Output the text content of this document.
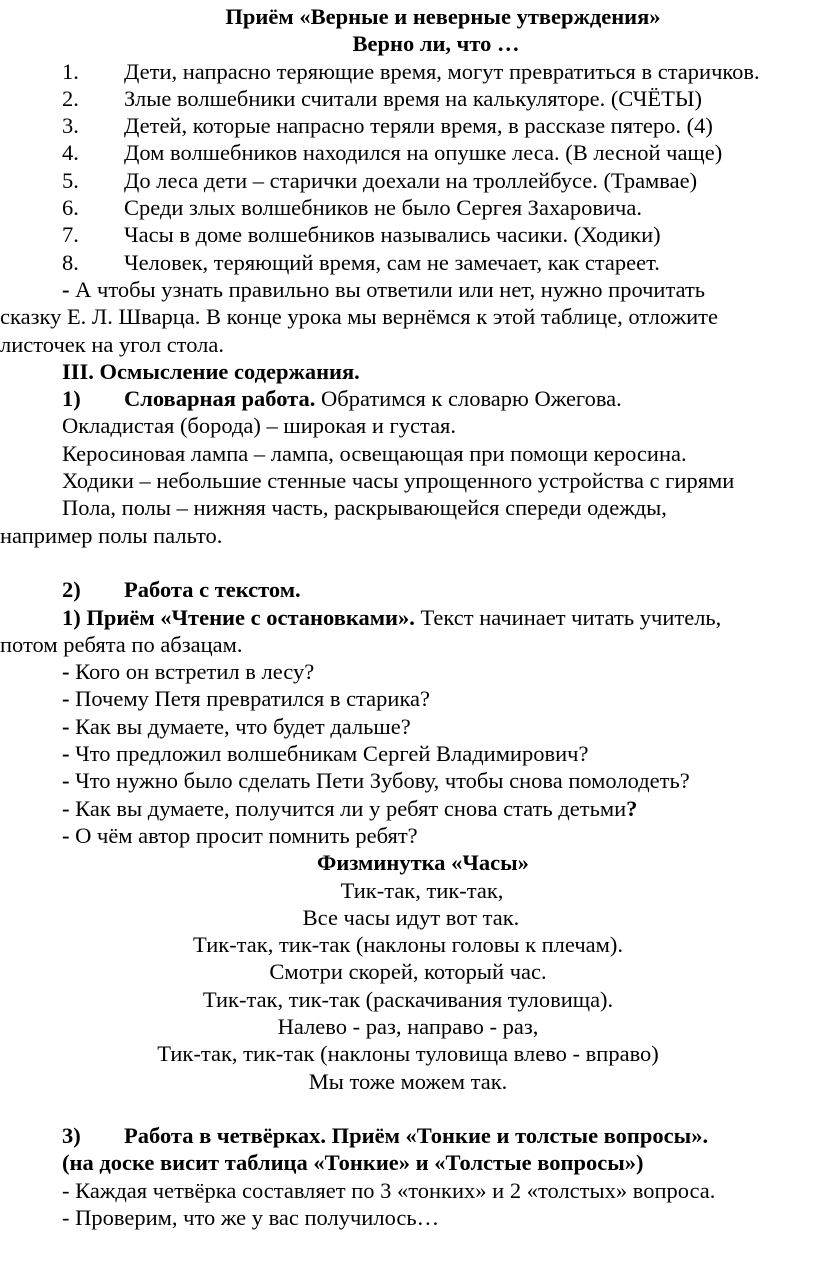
Приём «Верные и неверные утверждения»
Верно ли, что …
1. Дети, напрасно теряющие время, могут превратиться в старичков.
2. Злые волшебники считали время на калькуляторе. (СЧЁТЫ)
3. Детей, которые напрасно теряли время, в рассказе пятеро. (4)
4. Дом волшебников находился на опушке леса. (В лесной чаще)
5. До леса дети – старички доехали на троллейбусе. (Трамвае)
6. Среди злых волшебников не было Сергея Захаровича.
7. Часы в доме волшебников назывались часики. (Ходики)
8. Человек, теряющий время, сам не замечает, как стареет.
- А чтобы узнать правильно вы ответили или нет, нужно прочитать
сказку Е. Л. Шварца. В конце урока мы вернёмся к этой таблице, отложите
листочек на угол стола.
III. Осмысление содержания.
1) Словарная работа. Обратимся к словарю Ожегова.
Окладистая (борода) – широкая и густая.
Керосиновая лампа – лампа, освещающая при помощи керосина.
Ходики – небольшие стенные часы упрощенного устройства с гирями
Пола, полы – нижняя часть, раскрывающейся спереди одежды,
например полы пальто.
2) Работа с текстом.
1) Приём «Чтение с остановками». Текст начинает читать учитель,
потом ребята по абзацам.
- Кого он встретил в лесу?
- Почему Петя превратился в старика?
- Как вы думаете, что будет дальше?
- Что предложил волшебникам Сергей Владимирович?
- Что нужно было сделать Пети Зубову, чтобы снова помолодеть?
- Как вы думаете, получится ли у ребят снова стать детьми?
- О чём автор просит помнить ребят?
Физминутка «Часы»
Тик-так, тик-так,
Все часы идут вот так.
Тик-так, тик-так (наклоны головы к плечам).
Смотри скорей, который час.
Тик-так, тик-так (раскачивания туловища).
Налево - раз, направо - раз,
Тик-так, тик-так (наклоны туловища влево - вправо)
Мы тоже можем так.
3) Работа в четвёрках. Приём «Тонкие и толстые вопросы».
(на доске висит таблица «Тонкие» и «Толстые вопросы»)
- Каждая четвёрка составляет по 3 «тонких» и 2 «толстых» вопроса.
- Проверим, что же у вас получилось…
